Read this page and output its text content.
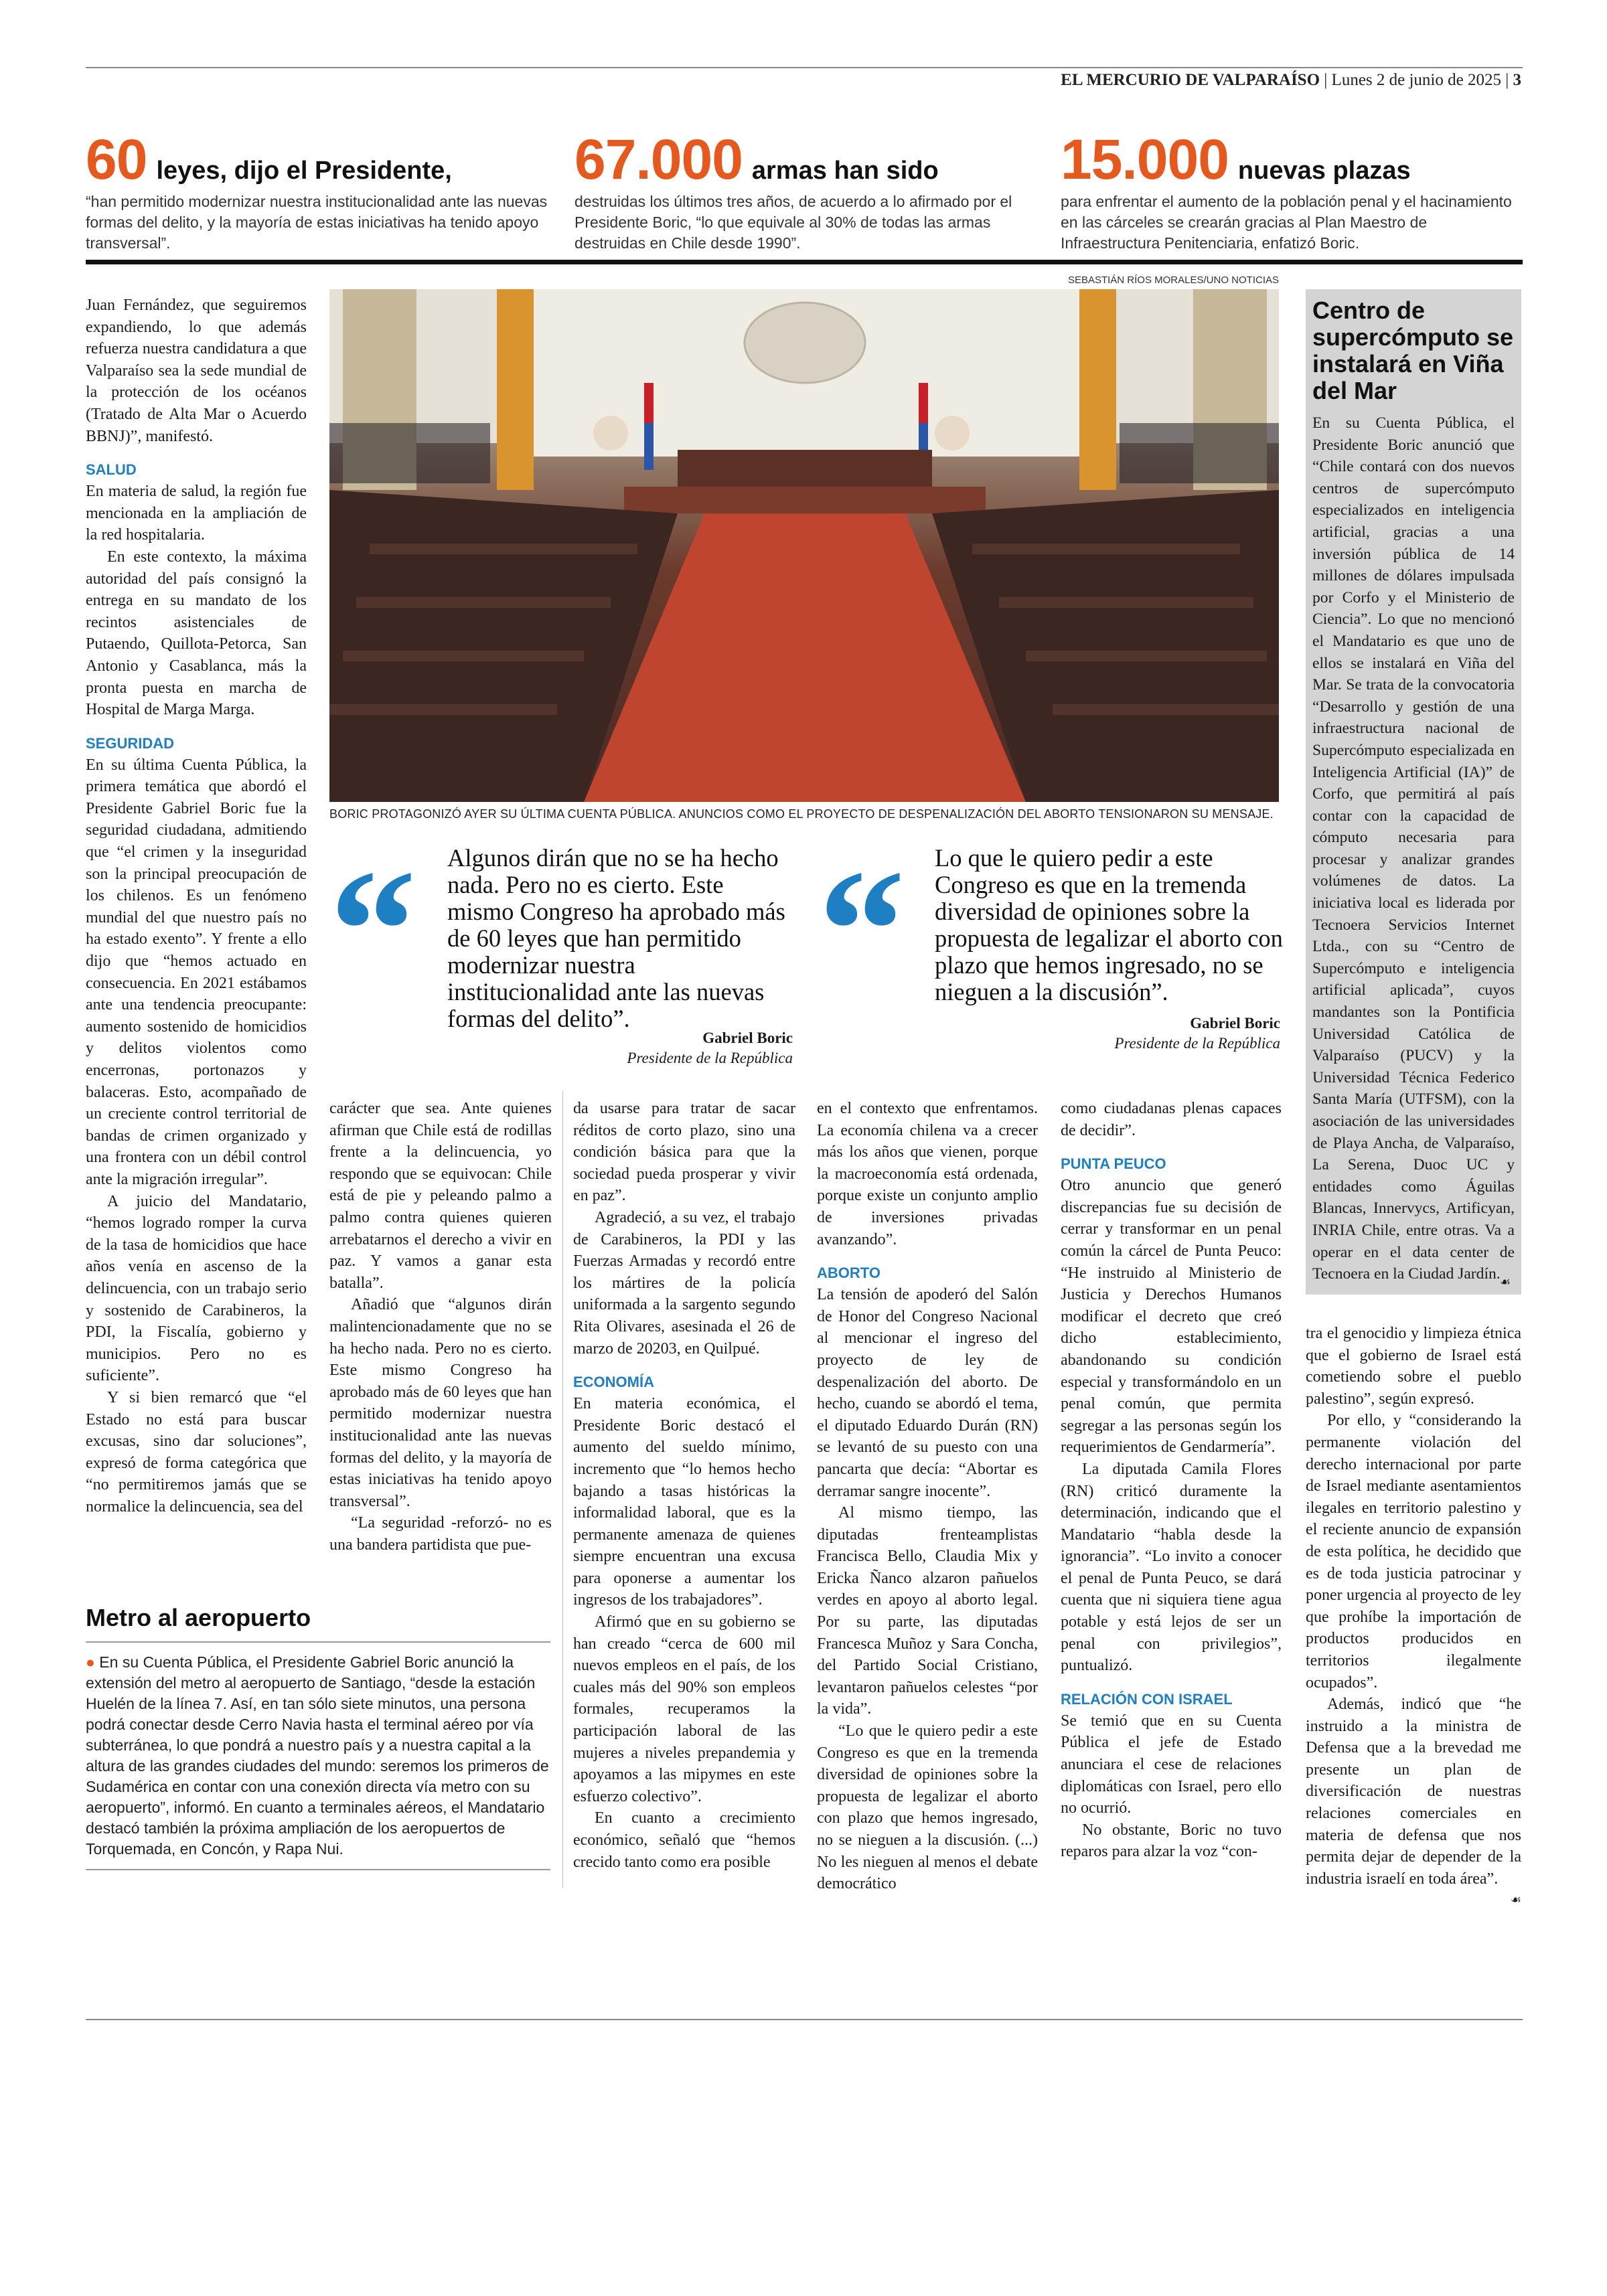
EL MERCURIO DE VALPARAÍSO | Lunes 2 de junio de 2025 | 3
60 leyes, dijo el Presidente,
“han permitido modernizar nuestra institucionalidad ante las nuevas formas del delito, y la mayoría de estas iniciativas ha tenido apoyo transversal”.
67.000 armas han sido
destruidas los últimos tres años, de acuerdo a lo afirmado por el Presidente Boric, “lo que equivale al 30% de todas las armas destruidas en Chile desde 1990”.
15.000 nuevas plazas
para enfrentar el aumento de la población penal y el hacinamiento en las cárceles se crearán gracias al Plan Maestro de Infraestructura Penitenciaria, enfatizó Boric.
SEBASTIÁN RÍOS MORALES/UNO NOTICIAS
BORIC PROTAGONIZÓ AYER SU ÚLTIMA CUENTA PÚBLICA. ANUNCIOS COMO EL PROYECTO DE DESPENALIZACIÓN DEL ABORTO TENSIONARON SU MENSAJE.
“ Algunos dirán que no se ha hecho nada. Pero no es cierto. Este mismo Congreso ha aprobado más de 60 leyes que han permitido modernizar nuestra institucionalidad ante las nuevas formas del delito”.
Gabriel Boric
Presidente de la República
“ Lo que le quiero pedir a este Congreso es que en la tremenda diversidad de opiniones sobre la propuesta de legalizar el aborto con plazo que hemos ingresado, no se nieguen a la discusión”.
Gabriel Boric
Presidente de la República

Juan Fernández, que seguiremos expandiendo, lo que además refuerza nuestra candidatura a que Valparaíso sea la sede mundial de la protección de los océanos (Tratado de Alta Mar o Acuerdo BBNJ)”, manifestó.

SALUD

En materia de salud, la región fue mencionada en la ampliación de la red hospitalaria.

En este contexto, la máxima autoridad del país consignó la entrega en su mandato de los recintos asistenciales de Putaendo, Quillota-Petorca, San Antonio y Casablanca, más la pronta puesta en marcha de Hospital de Marga Marga.

SEGURIDAD

En su última Cuenta Pública, la primera temática que abordó el Presidente Gabriel Boric fue la seguridad ciudadana, admitiendo que “el crimen y la inseguridad son la principal preocupación de los chilenos. Es un fenómeno mundial del que nuestro país no ha estado exento”. Y frente a ello dijo que “hemos actuado en consecuencia. En 2021 estábamos ante una tendencia preocupante: aumento sostenido de homicidios y delitos violentos como encerronas, portonazos y balaceras. Esto, acompañado de un creciente control territorial de bandas de crimen organizado y una frontera con un débil control ante la migración irregular”.

A juicio del Mandatario, “hemos logrado romper la curva de la tasa de homicidios que hace años venía en ascenso de la delincuencia, con un trabajo serio y sostenido de Carabineros, la PDI, la Fiscalía, gobierno y municipios. Pero no es suficiente”.

Y si bien remarcó que “el Estado no está para buscar excusas, sino dar soluciones”, expresó de forma categórica que “no permitiremos jamás que se normalice la delincuencia, sea del

carácter que sea. Ante quienes afirman que Chile está de rodillas frente a la delincuencia, yo respondo que se equivocan: Chile está de pie y peleando palmo a palmo contra quienes quieren arrebatarnos el derecho a vivir en paz. Y vamos a ganar esta batalla”.

Añadió que “algunos dirán malintencionadamente que no se ha hecho nada. Pero no es cierto. Este mismo Congreso ha aprobado más de 60 leyes que han permitido modernizar nuestra institucionalidad ante las nuevas formas del delito, y la mayoría de estas iniciativas ha tenido apoyo transversal”.

“La seguridad -reforzó- no es una bandera partidista que pue-

da usarse para tratar de sacar réditos de corto plazo, sino una condición básica para que la sociedad pueda prosperar y vivir en paz”.

Agradeció, a su vez, el trabajo de Carabineros, la PDI y las Fuerzas Armadas y recordó entre los mártires de la policía uniformada a la sargento segundo Rita Olivares, asesinada el 26 de marzo de 20203, en Quilpué.

ECONOMÍA

En materia económica, el Presidente Boric destacó el aumento del sueldo mínimo, incremento que “lo hemos hecho bajando a tasas históricas la informalidad laboral, que es la permanente amenaza de quienes siempre encuentran una excusa para oponerse a aumentar los ingresos de los trabajadores”.

Afirmó que en su gobierno se han creado “cerca de 600 mil nuevos empleos en el país, de los cuales más del 90% son empleos formales, recuperamos la participación laboral de las mujeres a niveles prepandemia y apoyamos a las mipymes en este esfuerzo colectivo”.

En cuanto a crecimiento económico, señaló que “hemos crecido tanto como era posible

en el contexto que enfrentamos. La economía chilena va a crecer más los años que vienen, porque la macroeconomía está ordenada, porque existe un conjunto amplio de inversiones privadas avanzando”.

ABORTO

La tensión de apoderó del Salón de Honor del Congreso Nacional al mencionar el ingreso del proyecto de ley de despenalización del aborto. De hecho, cuando se abordó el tema, el diputado Eduardo Durán (RN) se levantó de su puesto con una pancarta que decía: “Abortar es derramar sangre inocente”.

Al mismo tiempo, las diputadas frenteamplistas Francisca Bello, Claudia Mix y Ericka Ñanco alzaron pañuelos verdes en apoyo al aborto legal. Por su parte, las diputadas Francesca Muñoz y Sara Concha, del Partido Social Cristiano, levantaron pañuelos celestes “por la vida”.

“Lo que le quiero pedir a este Congreso es que en la tremenda diversidad de opiniones sobre la propuesta de legalizar el aborto con plazo que hemos ingresado, no se nieguen a la discusión. (...) No les nieguen al menos el debate democrático

como ciudadanas plenas capaces de decidir”.

PUNTA PEUCO

Otro anuncio que generó discrepancias fue su decisión de cerrar y transformar en un penal común la cárcel de Punta Peuco: “He instruido al Ministerio de Justicia y Derechos Humanos modificar el decreto que creó dicho establecimiento, abandonando su condición especial y transformándolo en un penal común, que permita segregar a las personas según los requerimientos de Gendarmería”.

La diputada Camila Flores (RN) criticó duramente la determinación, indicando que el Mandatario “habla desde la ignorancia”. “Lo invito a conocer el penal de Punta Peuco, se dará cuenta que ni siquiera tiene agua potable y está lejos de ser un penal con privilegios”, puntualizó.

RELACIÓN CON ISRAEL

Se temió que en su Cuenta Pública el jefe de Estado anunciara el cese de relaciones diplomáticas con Israel, pero ello no ocurrió.

No obstante, Boric no tuvo reparos para alzar la voz “con-

Centro de supercómputo se instalará en Viña del Mar
En su Cuenta Pública, el Presidente Boric anunció que “Chile contará con dos nuevos centros de supercómputo especializados en inteligencia artificial, gracias a una inversión pública de 14 millones de dólares impulsada por Corfo y el Ministerio de Ciencia”. Lo que no mencionó el Mandatario es que uno de ellos se instalará en Viña del Mar. Se trata de la convocatoria “Desarrollo y gestión de una infraestructura nacional de Supercómputo especializada en Inteligencia Artificial (IA)” de Corfo, que permitirá al país contar con la capacidad de cómputo necesaria para procesar y analizar grandes volúmenes de datos. La iniciativa local es liderada por Tecnoera Servicios Internet Ltda., con su “Centro de Supercómputo e inteligencia artificial aplicada”, cuyos mandantes son la Pontificia Universidad Católica de Valparaíso (PUCV) y la Universidad Técnica Federico Santa María (UTFSM), con la asociación de las universidades de Playa Ancha, de Valparaíso, La Serena, Duoc UC y entidades como Águilas Blancas, Innervycs, Artificyan, INRIA Chile, entre otras. Va a operar en el data center de Tecnoera en la Ciudad Jardín. ☙

tra el genocidio y limpieza étnica que el gobierno de Israel está cometiendo sobre el pueblo palestino”, según expresó.

Por ello, y “considerando la permanente violación del derecho internacional por parte de Israel mediante asentamientos ilegales en territorio palestino y el reciente anuncio de expansión de esta política, he decidido que es de toda justicia patrocinar y poner urgencia al proyecto de ley que prohíbe la importación de productos producidos en territorios ilegalmente ocupados”.

Además, indicó que “he instruido a la ministra de Defensa que a la brevedad me presente un plan de diversificación de nuestras relaciones comerciales en materia de defensa que nos permita dejar de depender de la industria israelí en toda área”.

☙
Metro al aeropuerto
● En su Cuenta Pública, el Presidente Gabriel Boric anunció la extensión del metro al aeropuerto de Santiago, “desde la estación Huelén de la línea 7. Así, en tan sólo siete minutos, una persona podrá conectar desde Cerro Navia hasta el terminal aéreo por vía subterránea, lo que pondrá a nuestro país y a nuestra capital a la altura de las grandes ciudades del mundo: seremos los primeros de Sudamérica en contar con una conexión directa vía metro con su aeropuerto”, informó. En cuanto a terminales aéreos, el Mandatario destacó también la próxima ampliación de los aeropuertos de Torquemada, en Concón, y Rapa Nui.
